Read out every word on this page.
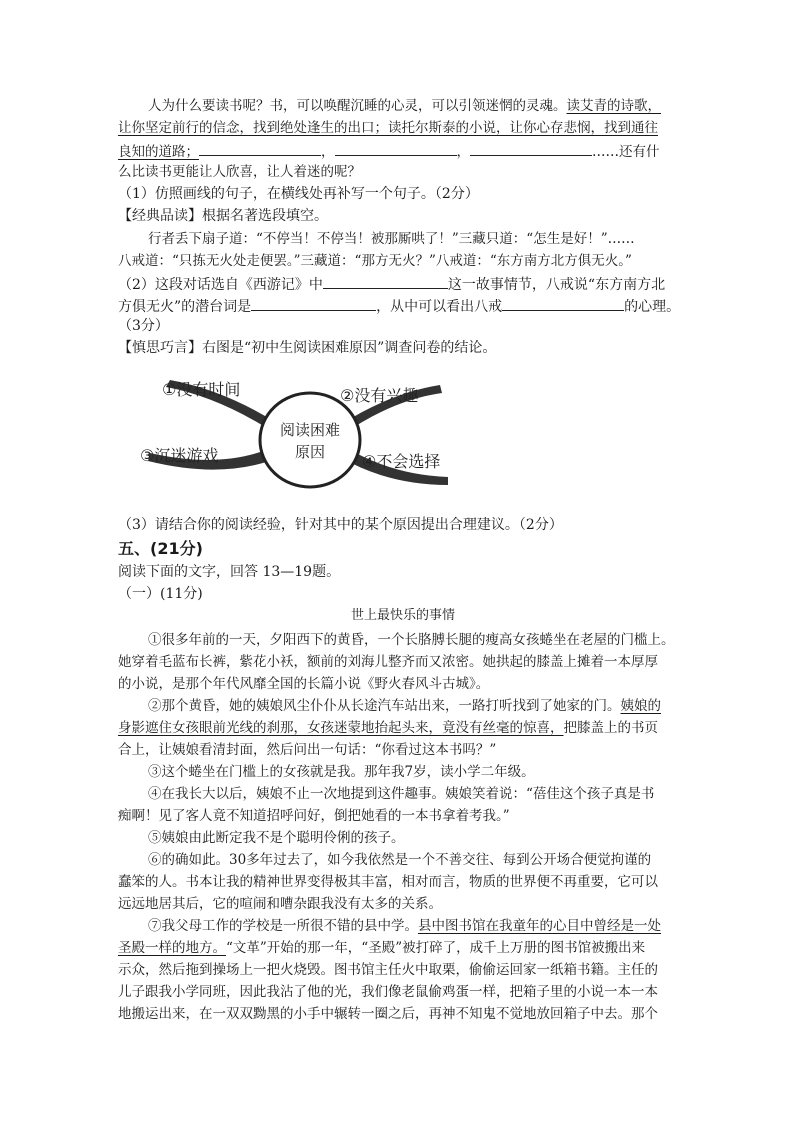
人为什么要读书呢？书，可以唤醒沉睡的心灵，可以引领迷惘的灵魂。读艾青的诗歌，
让你坚定前行的信念，找到绝处逢生的出口；读托尔斯泰的小说，让你心存悲悯，找到通往
良知的道路；	，	，	……还有什
么比读书更能让人欣喜，让人着迷的呢？
（1）仿照画线的句子，在横线处再补写一个句子。（2分）
【经典品读】根据名著选段填空。
行者丢下扇子道：“不停当！不停当！被那厮哄了！”三藏只道：“怎生是好！”……
八戒道：“只拣无火处走便罢。”三藏道：“那方无火？”八戒道：“东方南方北方俱无火。”
（2）这段对话选自《西游记》中	这一故事情节，八戒说“东方南方北
方俱无火”的潜台词是	，从中可以看出八戒	的心理。
（3分）
【慎思巧言】右图是“初中生阅读困难原因”调查问卷的结论。
阅读困难
原因
①没有时间	②没有兴趣
③沉迷游戏	④不会选择
（3）请结合你的阅读经验，针对其中的某个原因提出合理建议。（2分）
五、(21分)
阅读下面的文字，回答 13—19题。
（一）(11分)
世上最快乐的事情
①很多年前的一天，夕阳西下的黄昏，一个长胳膊长腿的瘦高女孩蜷坐在老屋的门槛上。
她穿着毛蓝布长裤，紫花小袄，额前的刘海儿整齐而又浓密。她拱起的膝盖上摊着一本厚厚
的小说，是那个年代风靡全国的长篇小说《野火春风斗古城》。
②那个黄昏，她的姨娘风尘仆仆从长途汽车站出来，一路打听找到了她家的门。姨娘的
身影遮住女孩眼前光线的刹那，女孩迷蒙地抬起头来，竟没有丝毫的惊喜，把膝盖上的书页
合上，让姨娘看清封面，然后问出一句话：“你看过这本书吗？”
③这个蜷坐在门槛上的女孩就是我。那年我7岁，读小学二年级。
④在我长大以后，姨娘不止一次地提到这件趣事。姨娘笑着说：“蓓佳这个孩子真是书
痴啊！见了客人竟不知道招呼问好，倒把她看的一本书拿着考我。”
⑤姨娘由此断定我不是个聪明伶俐的孩子。
⑥的确如此。30多年过去了，如今我依然是一个不善交往、每到公开场合便觉拘谨的
蠢笨的人。书本让我的精神世界变得极其丰富，相对而言，物质的世界便不再重要，它可以
远远地居其后，它的喧闹和嘈杂跟我没有太多的关系。
⑦我父母工作的学校是一所很不错的县中学。县中图书馆在我童年的心目中曾经是一处
圣殿一样的地方。“文革”开始的那一年，“圣殿”被打碎了，成千上万册的图书馆被搬出来
示众，然后拖到操场上一把火烧毁。图书馆主任火中取栗，偷偷运回家一纸箱书籍。主任的
儿子跟我小学同班，因此我沾了他的光，我们像老鼠偷鸡蛋一样，把箱子里的小说一本一本
地搬运出来，在一双双黝黑的小手中辗转一圈之后，再神不知鬼不觉地放回箱子中去。那个
